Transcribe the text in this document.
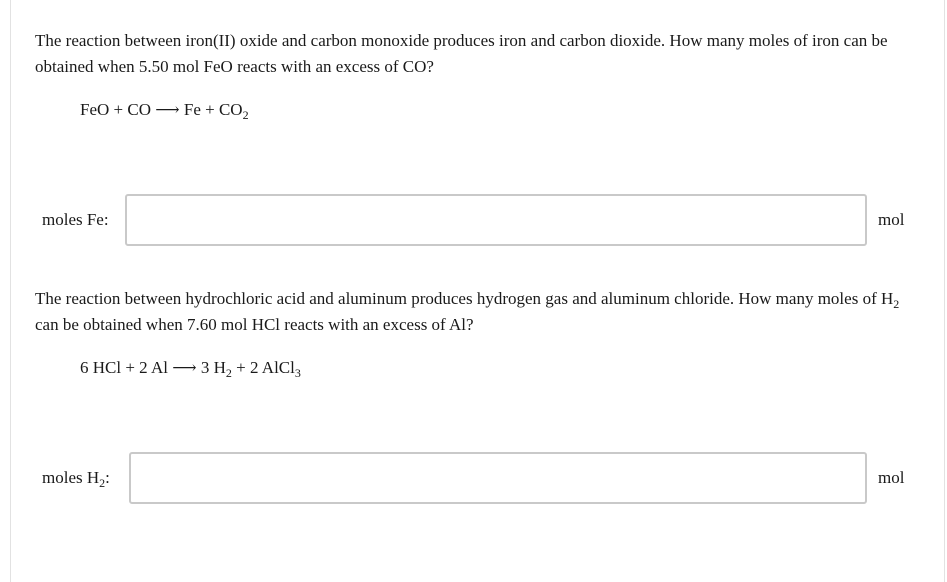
The reaction between iron(II) oxide and carbon monoxide produces iron and carbon dioxide. How many moles of iron can be obtained when 5.50 mol FeO reacts with an excess of CO?

FeO + CO ⟶ $Fe + CO_2$
moles Fe:	mol

The reaction between hydrochloric acid and aluminum produces hydrogen gas and aluminum chloride. How many moles of $H_2$ can be obtained when 7.60 mol HCl reacts with an excess of Al?

6 HCl + 2 Al ⟶ 3 $H_2 + 2$ AlCl$_3$
moles $H_2$:	mol
